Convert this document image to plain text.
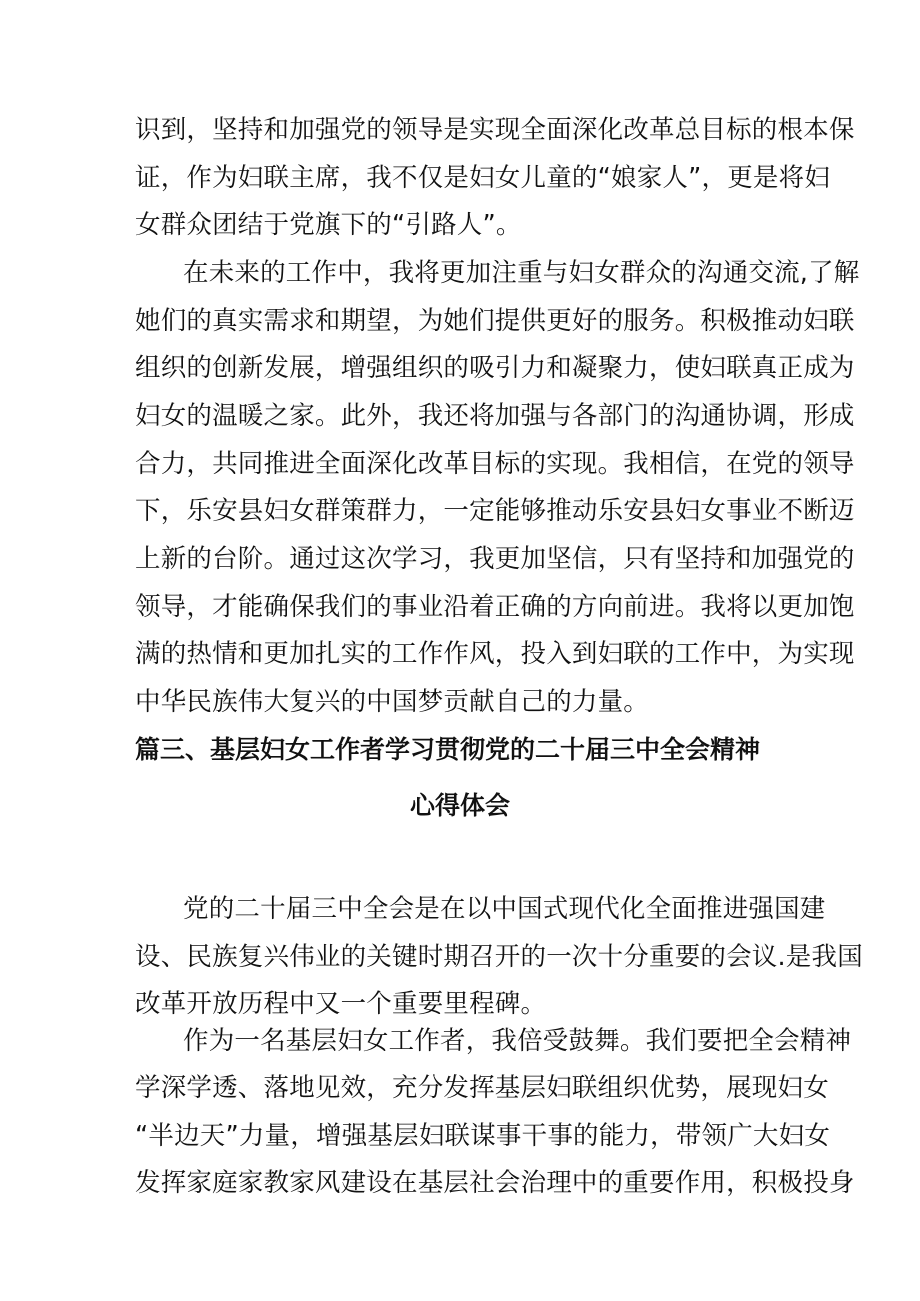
识到，坚持和加强党的领导是实现全面深化改革总目标的根本保
证，作为妇联主席，我不仅是妇女儿童的“娘家人”，更是将妇
女群众团结于党旗下的“引路人”。
在未来的工作中，我将更加注重与妇女群众的沟通交流,了解
她们的真实需求和期望，为她们提供更好的服务。积极推动妇联
组织的创新发展，增强组织的吸引力和凝聚力，使妇联真正成为
妇女的温暖之家。此外，我还将加强与各部门的沟通协调，形成
合力，共同推进全面深化改革目标的实现。我相信，在党的领导
下，乐安县妇女群策群力，一定能够推动乐安县妇女事业不断迈
上新的台阶。通过这次学习，我更加坚信，只有坚持和加强党的
领导，才能确保我们的事业沿着正确的方向前进。我将以更加饱
满的热情和更加扎实的工作作风，投入到妇联的工作中，为实现
中华民族伟大复兴的中国梦贡献自己的力量。
篇三、基层妇女工作者学习贯彻党的二十届三中全会精神
心得体会
党的二十届三中全会是在以中国式现代化全面推进强国建
设、民族复兴伟业的关键时期召开的一次十分重要的会议.是我国
改革开放历程中又一个重要里程碑。
作为一名基层妇女工作者，我倍受鼓舞。我们要把全会精神
学深学透、落地见效，充分发挥基层妇联组织优势，展现妇女
“半边天”力量，增强基层妇联谋事干事的能力，带领广大妇女
发挥家庭家教家风建设在基层社会治理中的重要作用，积极投身
